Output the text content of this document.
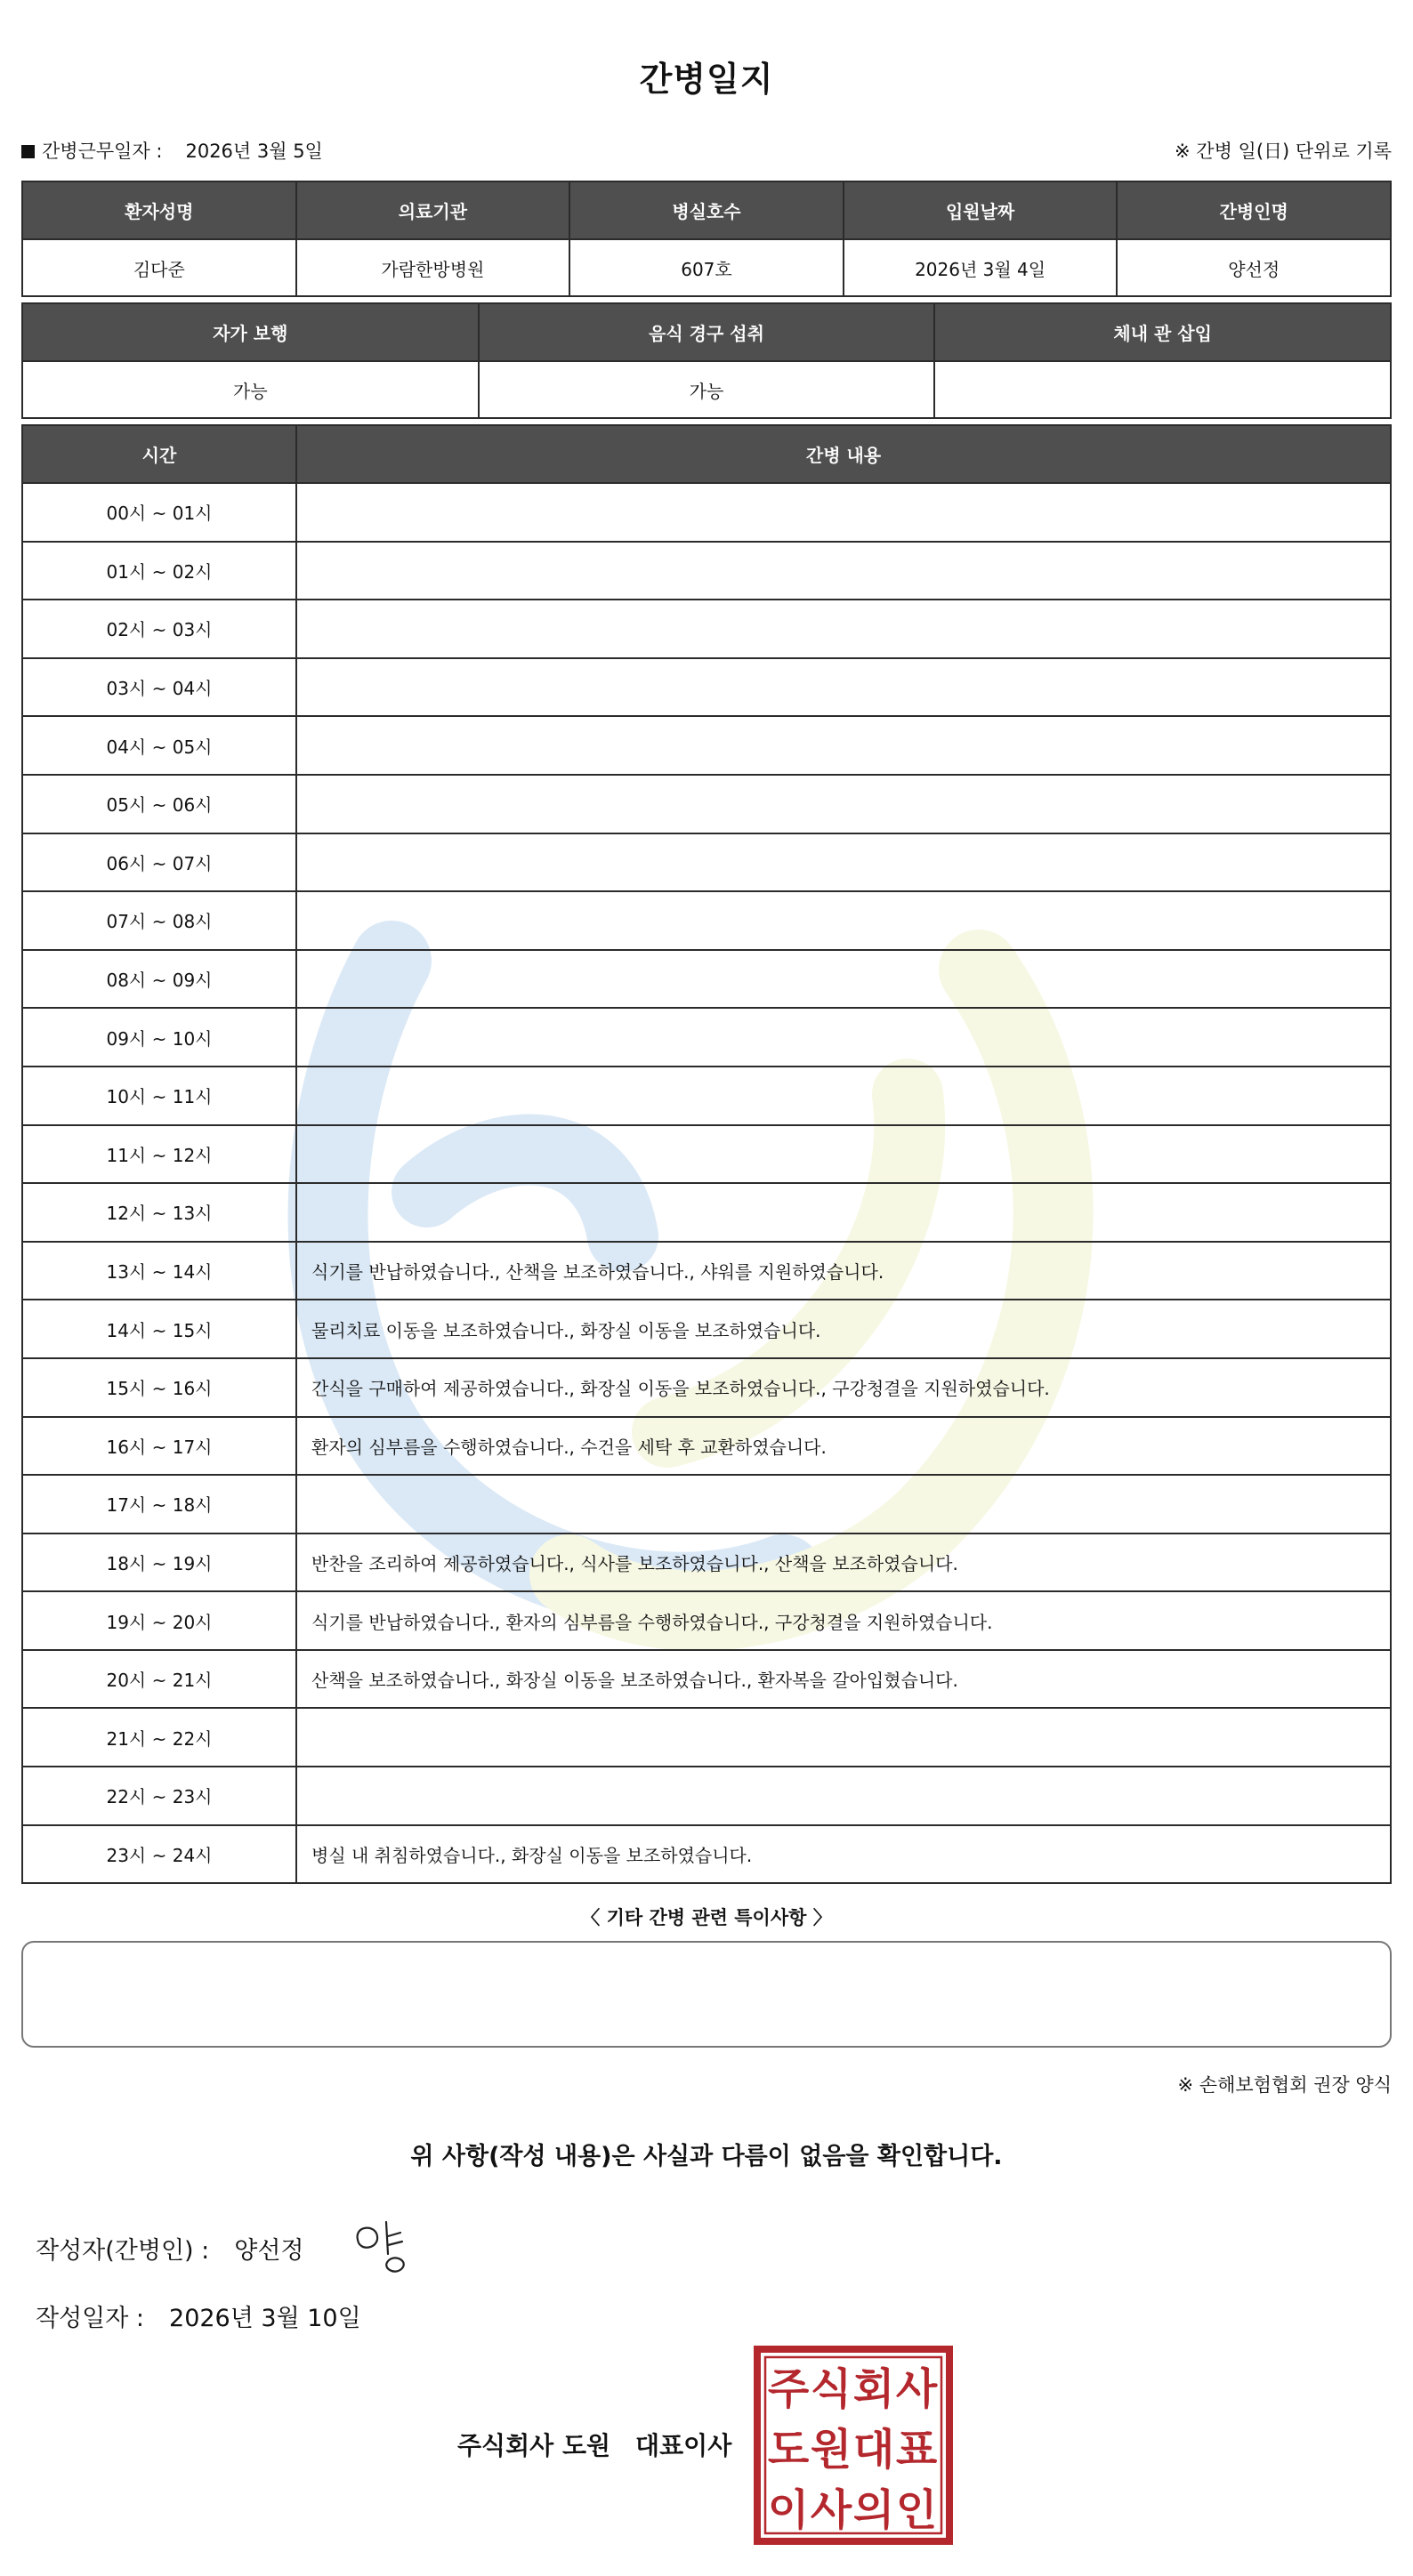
간병일지
간병근무일자 : 2026년 3월 5일	※ 간병 일(日) 단위로 기록
환자성명	의료기관	병실호수	입원날짜	간병인명
김다준	가람한방병원	607호	2026년 3월 4일	양선정
자가 보행	음식 경구 섭취	체내 관 삽입
가능	가능	
시간	간병 내용
00시 ~ 01시	
01시 ~ 02시	
02시 ~ 03시	
03시 ~ 04시	
04시 ~ 05시	
05시 ~ 06시	
06시 ~ 07시	
07시 ~ 08시	
08시 ~ 09시	
09시 ~ 10시	
10시 ~ 11시	
11시 ~ 12시	
12시 ~ 13시	
13시 ~ 14시	식기를 반납하였습니다., 산책을 보조하였습니다., 샤워를 지원하였습니다.
14시 ~ 15시	물리치료 이동을 보조하였습니다., 화장실 이동을 보조하였습니다.
15시 ~ 16시	간식을 구매하여 제공하였습니다., 화장실 이동을 보조하였습니다., 구강청결을 지원하였습니다.
16시 ~ 17시	환자의 심부름을 수행하였습니다., 수건을 세탁 후 교환하였습니다.
17시 ~ 18시	
18시 ~ 19시	반찬을 조리하여 제공하였습니다., 식사를 보조하였습니다., 산책을 보조하였습니다.
19시 ~ 20시	식기를 반납하였습니다., 환자의 심부름을 수행하였습니다., 구강청결을 지원하였습니다.
20시 ~ 21시	산책을 보조하였습니다., 화장실 이동을 보조하였습니다., 환자복을 갈아입혔습니다.
21시 ~ 22시	
22시 ~ 23시	
23시 ~ 24시	병실 내 취침하였습니다., 화장실 이동을 보조하였습니다.
〈 기타 간병 관련 특이사항 〉
※ 손해보험협회 권장 양식
위 사항(작성 내용)은 사실과 다름이 없음을 확인합니다.
작성자(간병인) : 양선정
작성일자 : 2026년 3월 10일
주식회사 도원 대표이사
주 식 회 사
도 원 대 표
이 사 의 인
